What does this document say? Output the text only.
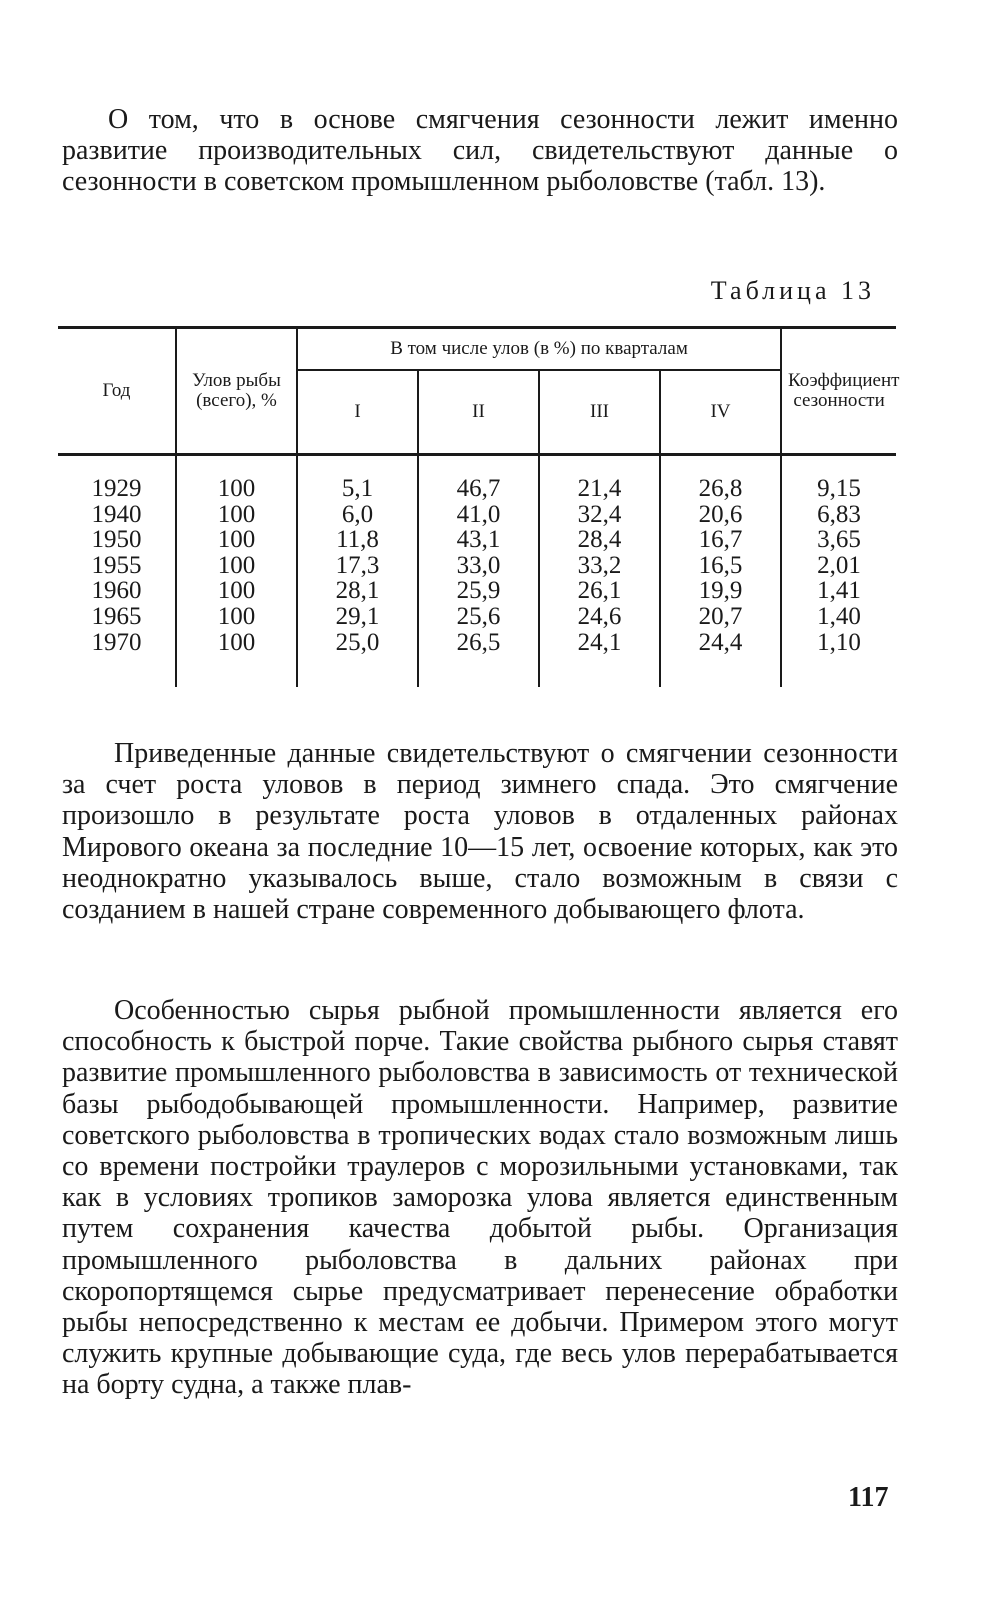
О том, что в основе смягчения сезонности лежит именно развитие производительных сил, свидетельствуют данные о сезонности в советском промышленном рыболовстве (табл. 13).

Таблица 13
Год	Улов рыбы (всего), %	В том числе улов (в %) по кварталам				Коэффициент сезонности
		I	II	III	IV	
1929	100	5,1	46,7	21,4	26,8	9,15
1940	100	6,0	41,0	32,4	20,6	6,83
1950	100	11,8	43,1	28,4	16,7	3,65
1955	100	17,3	33,0	33,2	16,5	2,01
1960	100	28,1	25,9	26,1	19,9	1,41
1965	100	29,1	25,6	24,6	20,7	1,40
1970	100	25,0	26,5	24,1	24,4	1,10

Приведенные данные свидетельствуют о смягчении сезонности за счет роста уловов в период зимнего спада. Это смягчение произошло в результате роста уловов в отдаленных районах Мирового океана за последние 10—15 лет, освоение которых, как это неоднократно указывалось выше, стало возможным в связи с созданием в нашей стране современного добывающего флота.

Особенностью сырья рыбной промышленности является его способность к быстрой порче. Такие свойства рыбного сырья ставят развитие промышленного рыболовства в зависимость от технической базы рыбодобывающей промышленности. Например, развитие советского рыболовства в тропических водах стало возможным лишь со времени постройки траулеров с морозильными установками, так как в условиях тропиков заморозка улова является единственным путем сохранения качества добытой рыбы. Организация промышленного рыболовства в дальних районах при скоропортящемся сырье предусматривает перенесение обработки рыбы непосредственно к местам ее добычи. Примером этого могут служить крупные добывающие суда, где весь улов перерабатывается на борту судна, а также плав-

117
